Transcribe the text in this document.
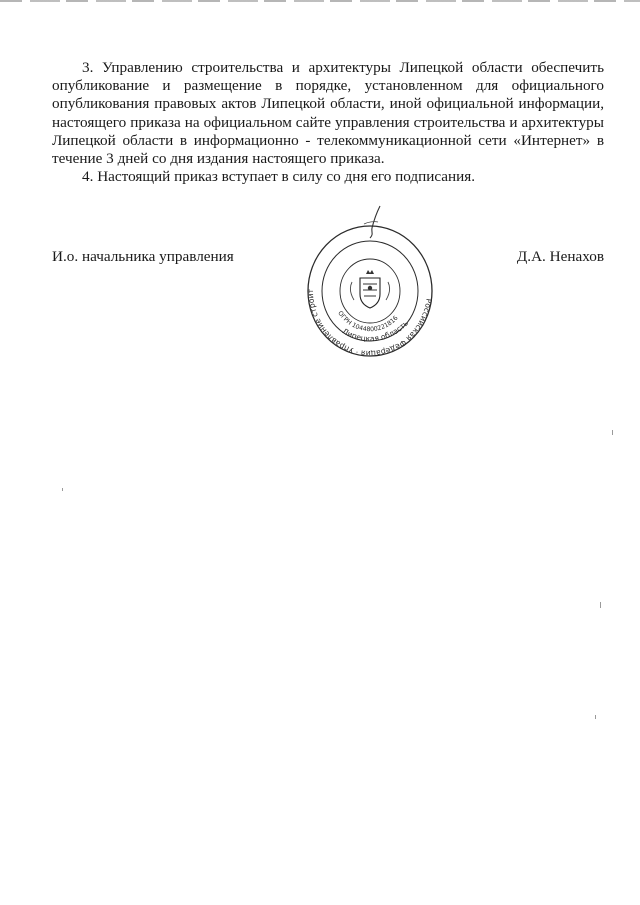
3. Управлению строительства и архитектуры Липецкой области обеспечить опубликование и размещение в порядке, установленном для официального опубликования правовых актов Липецкой области, иной официальной информации, настоящего приказа на официальном сайте управления строительства и архитектуры Липецкой области в информационно - телекоммуникационной сети «Интернет» в течение 3 дней со дня издания настоящего приказа.

4. Настоящий приказ вступает в силу со дня его подписания.

И.о. начальника управления	Д.А. Ненахов
Российская Федерация · Управление строительства и архитектуры
Липецкая область
ОГРН 1044800221816
